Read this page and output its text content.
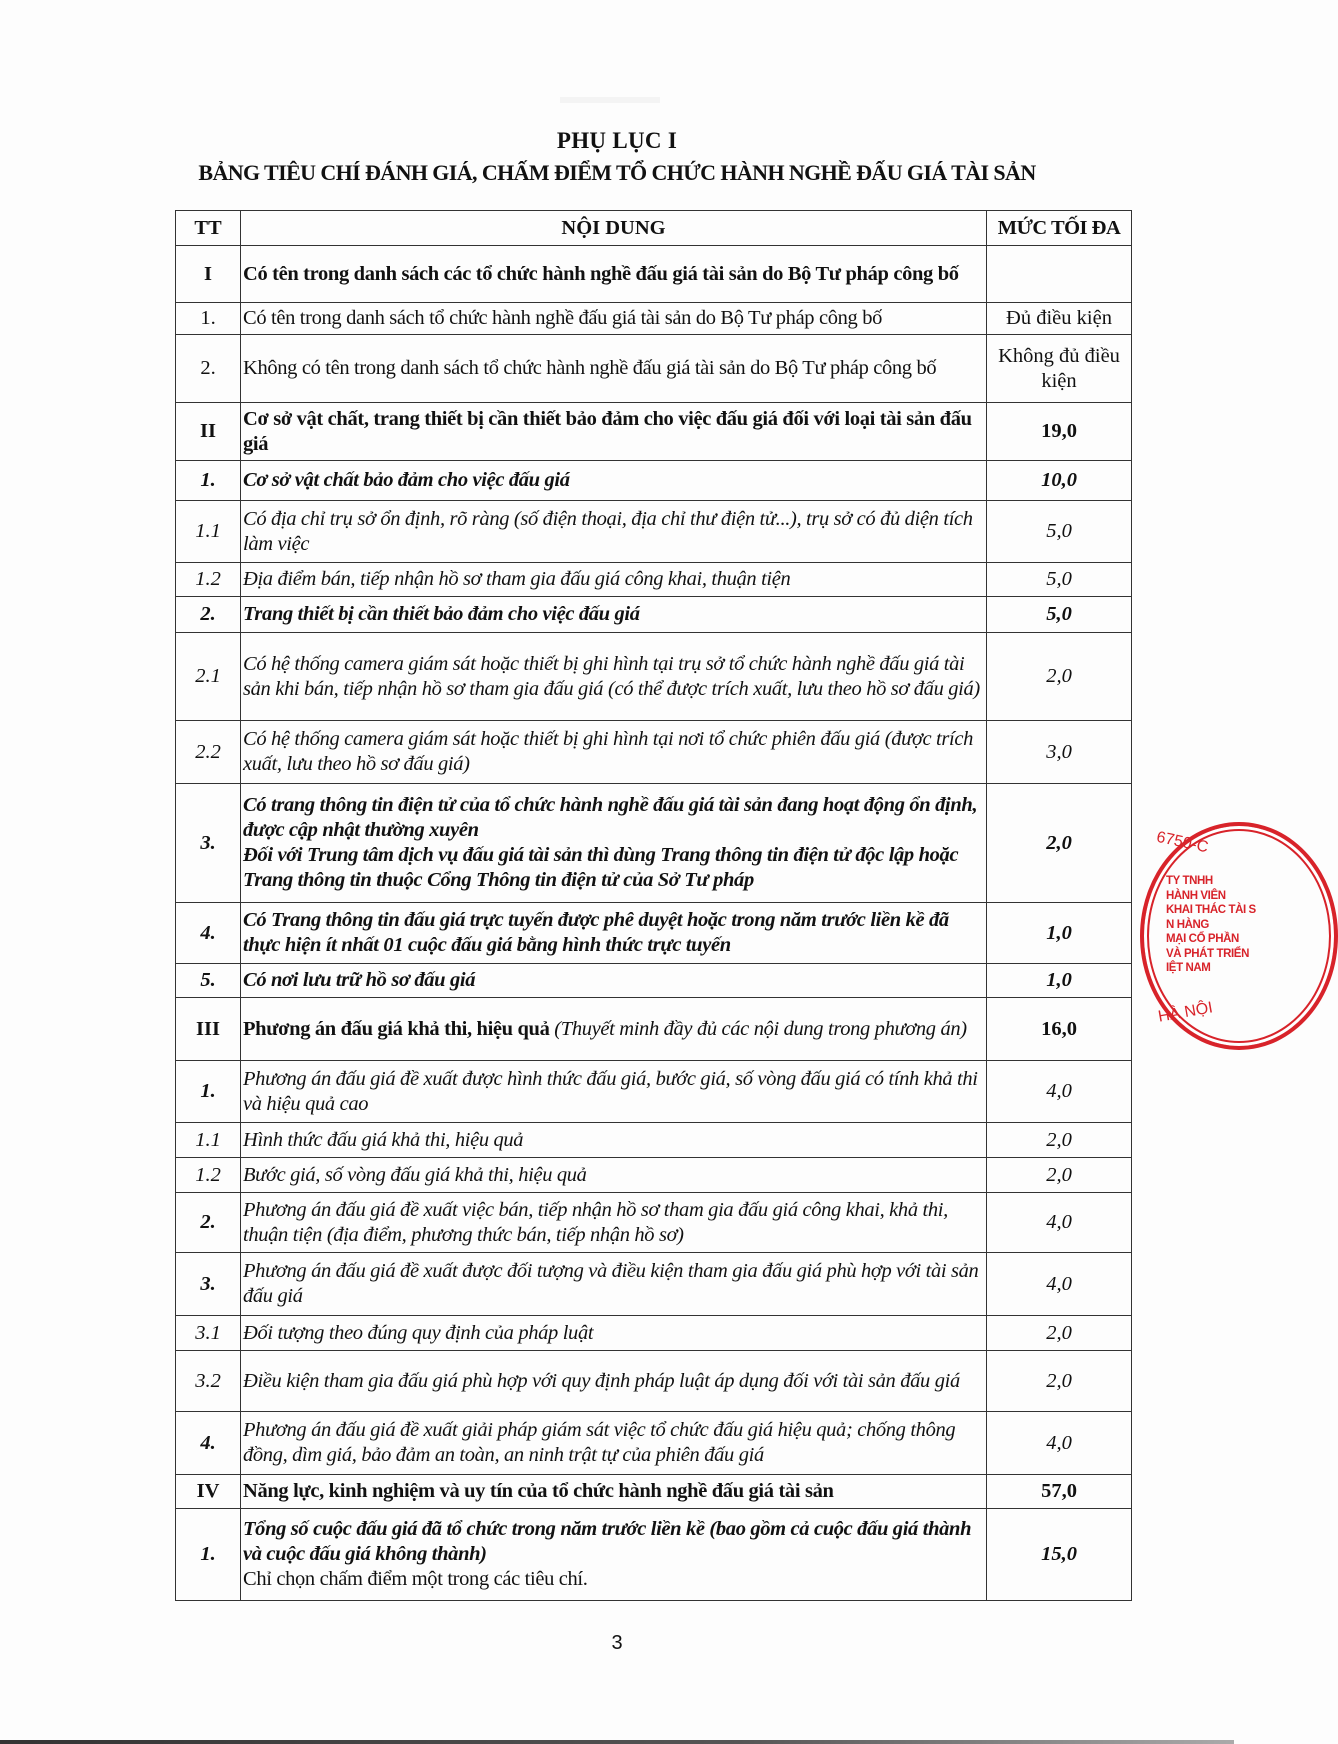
PHỤ LỤC I
BẢNG TIÊU CHÍ ĐÁNH GIÁ, CHẤM ĐIỂM TỔ CHỨC HÀNH NGHỀ ĐẤU GIÁ TÀI SẢN
TT	NỘI DUNG	MỨC TỐI ĐA
I	Có tên trong danh sách các tổ chức hành nghề đấu giá tài sản do Bộ Tư pháp công bố	
1.	Có tên trong danh sách tổ chức hành nghề đấu giá tài sản do Bộ Tư pháp công bố	Đủ điều kiện
2.	Không có tên trong danh sách tổ chức hành nghề đấu giá tài sản do Bộ Tư pháp công bố	Không đủ điều kiện
II	Cơ sở vật chất, trang thiết bị cần thiết bảo đảm cho việc đấu giá đối với loại tài sản đấu giá	19,0
1.	Cơ sở vật chất bảo đảm cho việc đấu giá	10,0
1.1	Có địa chỉ trụ sở ổn định, rõ ràng (số điện thoại, địa chỉ thư điện tử...), trụ sở có đủ diện tích làm việc	5,0
1.2	Địa điểm bán, tiếp nhận hồ sơ tham gia đấu giá công khai, thuận tiện	5,0
2.	Trang thiết bị cần thiết bảo đảm cho việc đấu giá	5,0
2.1	Có hệ thống camera giám sát hoặc thiết bị ghi hình tại trụ sở tổ chức hành nghề đấu giá tài sản khi bán, tiếp nhận hồ sơ tham gia đấu giá (có thể được trích xuất, lưu theo hồ sơ đấu giá)	2,0
2.2	Có hệ thống camera giám sát hoặc thiết bị ghi hình tại nơi tổ chức phiên đấu giá (được trích xuất, lưu theo hồ sơ đấu giá)	3,0
3.	Có trang thông tin điện tử của tổ chức hành nghề đấu giá tài sản đang hoạt động ổn định, được cập nhật thường xuyên
Đối với Trung tâm dịch vụ đấu giá tài sản thì dùng Trang thông tin điện tử độc lập hoặc Trang thông tin thuộc Cổng Thông tin điện tử của Sở Tư pháp	2,0
4.	Có Trang thông tin đấu giá trực tuyến được phê duyệt hoặc trong năm trước liền kề đã thực hiện ít nhất 01 cuộc đấu giá bằng hình thức trực tuyến	1,0
5.	Có nơi lưu trữ hồ sơ đấu giá	1,0
III	Phương án đấu giá khả thi, hiệu quả (Thuyết minh đầy đủ các nội dung trong phương án)	16,0
1.	Phương án đấu giá đề xuất được hình thức đấu giá, bước giá, số vòng đấu giá có tính khả thi và hiệu quả cao	4,0
1.1	Hình thức đấu giá khả thi, hiệu quả	2,0
1.2	Bước giá, số vòng đấu giá khả thi, hiệu quả	2,0
2.	Phương án đấu giá đề xuất việc bán, tiếp nhận hồ sơ tham gia đấu giá công khai, khả thi, thuận tiện (địa điểm, phương thức bán, tiếp nhận hồ sơ)	4,0
3.	Phương án đấu giá đề xuất được đối tượng và điều kiện tham gia đấu giá phù hợp với tài sản đấu giá	4,0
3.1	Đối tượng theo đúng quy định của pháp luật	2,0
3.2	Điều kiện tham gia đấu giá phù hợp với quy định pháp luật áp dụng đối với tài sản đấu giá	2,0
4.	Phương án đấu giá đề xuất giải pháp giám sát việc tổ chức đấu giá hiệu quả; chống thông đồng, dìm giá, bảo đảm an toàn, an ninh trật tự của phiên đấu giá	4,0
IV	Năng lực, kinh nghiệm và uy tín của tổ chức hành nghề đấu giá tài sản	57,0
1.	Tổng số cuộc đấu giá đã tổ chức trong năm trước liền kề (bao gồm cả cuộc đấu giá thành và cuộc đấu giá không thành)
Chỉ chọn chấm điểm một trong các tiêu chí.	15,0
6750-C
TY TNHH
HÀNH VIÊN
KHAI THÁC TÀI S
N HÀNG
MẠI CỔ PHẦN
VÀ PHÁT TRIỂN
IỆT NAM
HÀ NỘI
3
